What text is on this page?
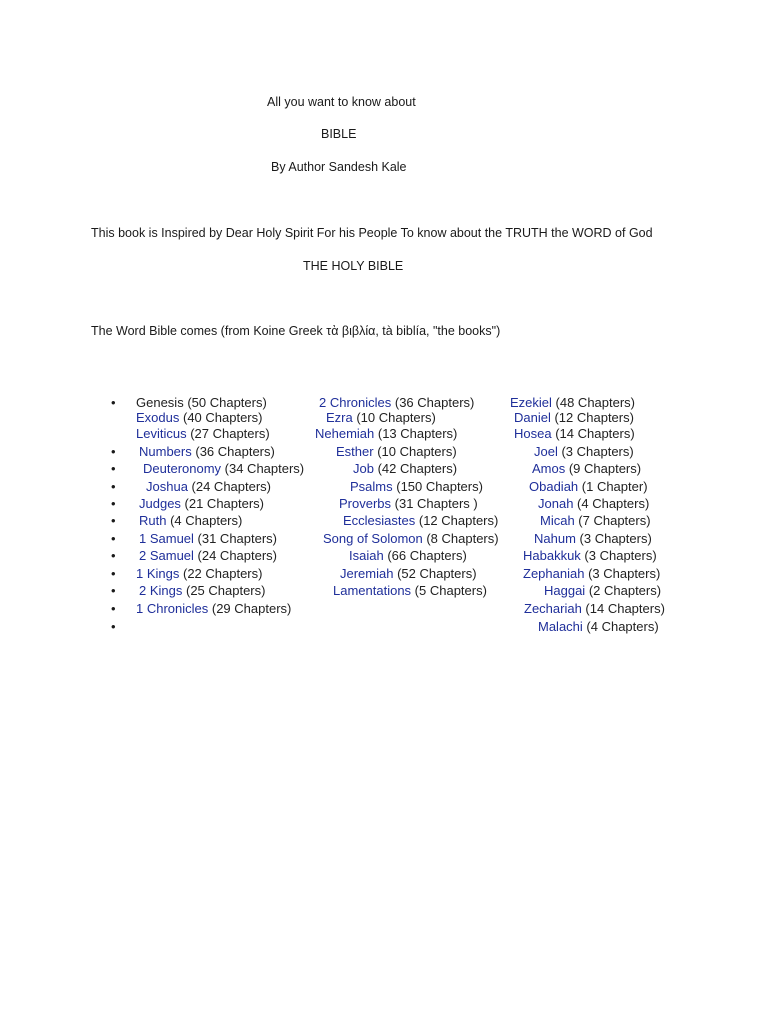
All you want to know about
BIBLE
By Author Sandesh Kale
This book is Inspired by Dear Holy Spirit For his People To know about the TRUTH the WORD of God
THE HOLY BIBLE
The Word Bible comes (from Koine Greek τὰ βιβλία, tà biblía, "the books")
•
•
•
•
•
•
•
•
•
•
•
•
Genesis (50 Chapters)
Exodus (40 Chapters)
Leviticus (27 Chapters)
Numbers (36 Chapters)
Deuteronomy (34 Chapters)
Joshua (24 Chapters)
Judges (21 Chapters)
Ruth (4 Chapters)
1 Samuel (31 Chapters)
2 Samuel (24 Chapters)
1 Kings (22 Chapters)
2 Kings (25 Chapters)
1 Chronicles (29 Chapters)
2 Chronicles (36 Chapters)
Ezra (10 Chapters)
Nehemiah (13 Chapters)
Esther (10 Chapters)
Job (42 Chapters)
Psalms (150 Chapters)
Proverbs (31 Chapters )
Ecclesiastes (12 Chapters)
Song of Solomon (8 Chapters)
Isaiah (66 Chapters)
Jeremiah (52 Chapters)
Lamentations (5 Chapters)
Ezekiel (48 Chapters)
Daniel (12 Chapters)
Hosea (14 Chapters)
Joel (3 Chapters)
Amos (9 Chapters)
Obadiah (1 Chapter)
Jonah (4 Chapters)
Micah (7 Chapters)
Nahum (3 Chapters)
Habakkuk (3 Chapters)
Zephaniah (3 Chapters)
Haggai (2 Chapters)
Zechariah (14 Chapters)
Malachi (4 Chapters)
